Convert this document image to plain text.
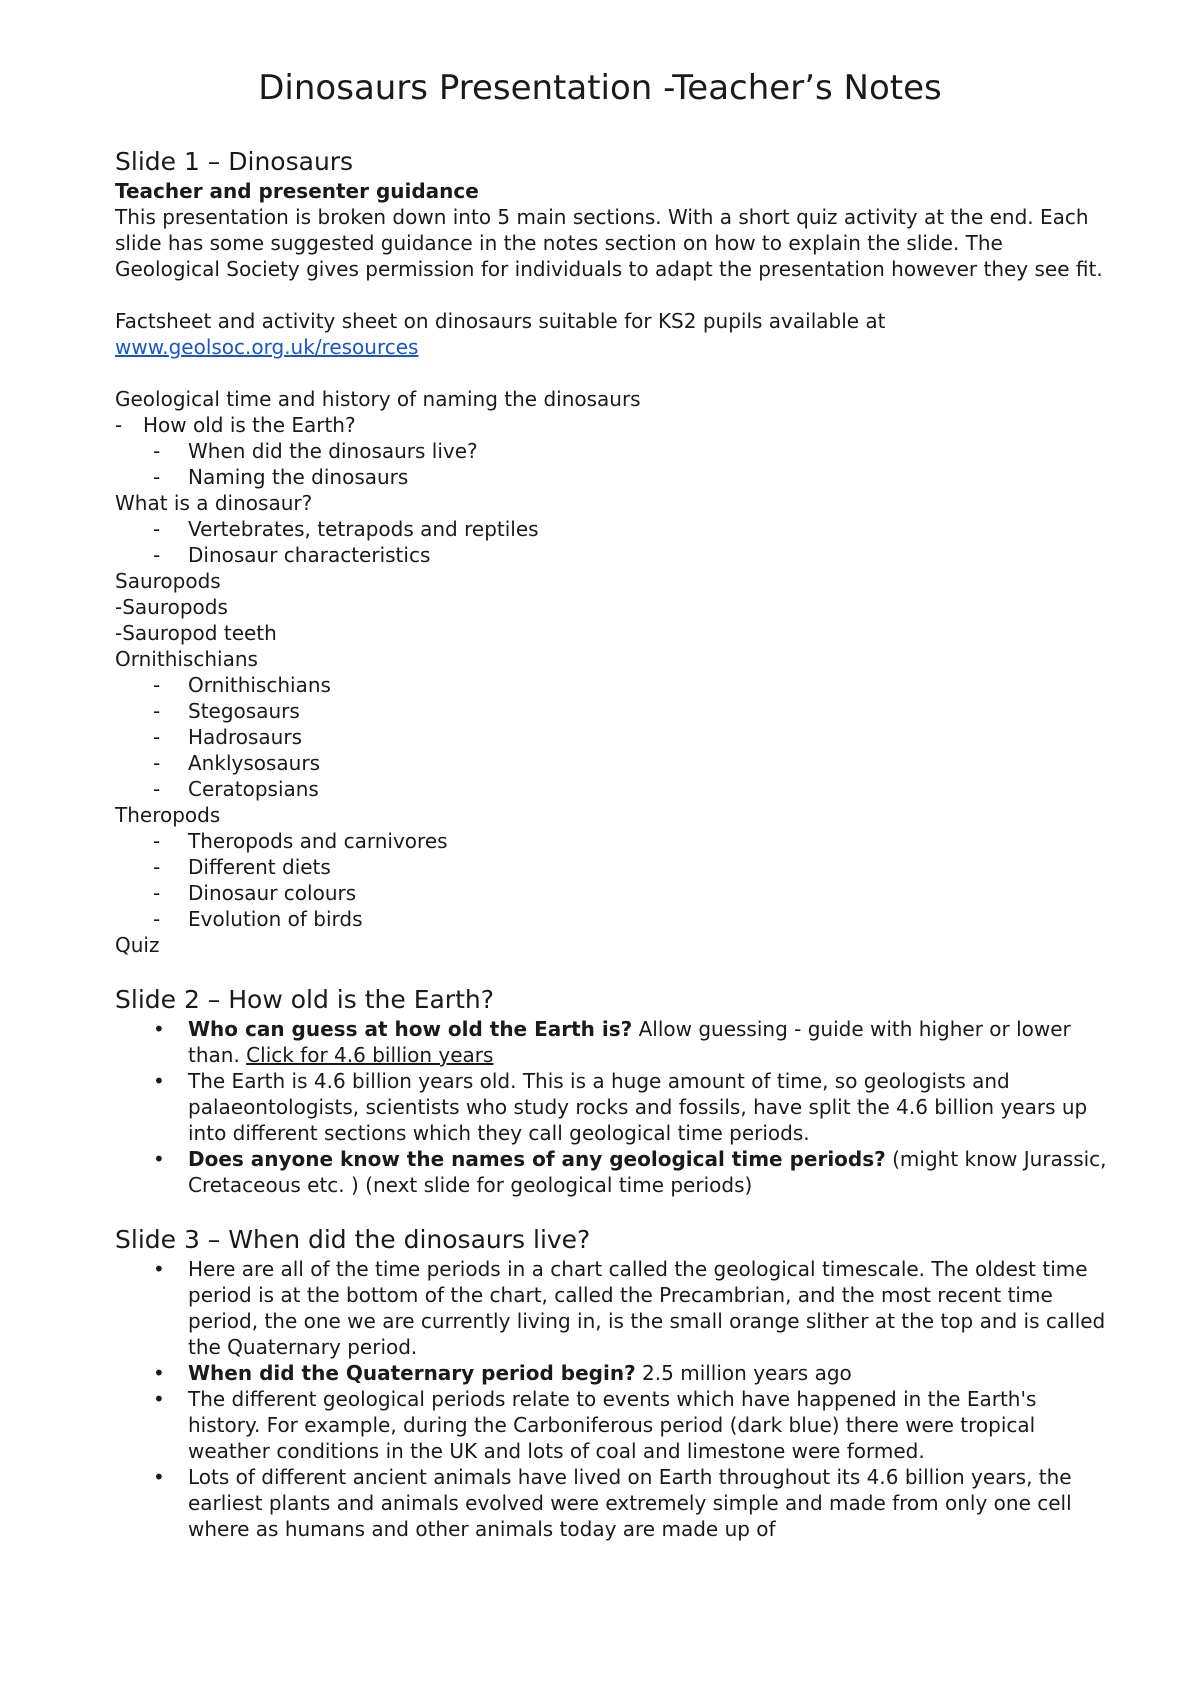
Dinosaurs Presentation -Teacher’s Notes
Slide 1 – Dinosaurs

Teacher and presenter guidance

This presentation is broken down into 5 main sections. With a short quiz activity at the end. Each slide has some suggested guidance in the notes section on how to explain the slide. The Geological Society gives permission for individuals to adapt the presentation however they see fit.

Factsheet and activity sheet on dinosaurs suitable for KS2 pupils available at

www.geolsoc.org.uk/resources

Geological time and history of naming the dinosaurs

- How old is the Earth?
- When did the dinosaurs live?
- Naming the dinosaurs

What is a dinosaur?

- Vertebrates, tetrapods and reptiles
- Dinosaur characteristics

Sauropods

-Sauropods

-Sauropod teeth

Ornithischians

- Ornithischians
- Stegosaurs
- Hadrosaurs
- Anklysosaurs
- Ceratopsians

Theropods

- Theropods and carnivores
- Different diets
- Dinosaur colours
- Evolution of birds

Quiz

Slide 2 – How old is the Earth?
• Who can guess at how old the Earth is? Allow guessing - guide with higher or lower than. Click for 4.6 billion years
• The Earth is 4.6 billion years old. This is a huge amount of time, so geologists and palaeontologists, scientists who study rocks and fossils, have split the 4.6 billion years up into different sections which they call geological time periods.
• Does anyone know the names of any geological time periods? (might know Jurassic, Cretaceous etc. ) (next slide for geological time periods)
Slide 3 – When did the dinosaurs live?
• Here are all of the time periods in a chart called the geological timescale. The oldest time period is at the bottom of the chart, called the Precambrian, and the most recent time period, the one we are currently living in, is the small orange slither at the top and is called the Quaternary period.
• When did the Quaternary period begin? 2.5 million years ago
• The different geological periods relate to events which have happened in the Earth's history. For example, during the Carboniferous period (dark blue) there were tropical weather conditions in the UK and lots of coal and limestone were formed.
• Lots of different ancient animals have lived on Earth throughout its 4.6 billion years, the earliest plants and animals evolved were extremely simple and made from only one cell where as humans and other animals today are made up of
